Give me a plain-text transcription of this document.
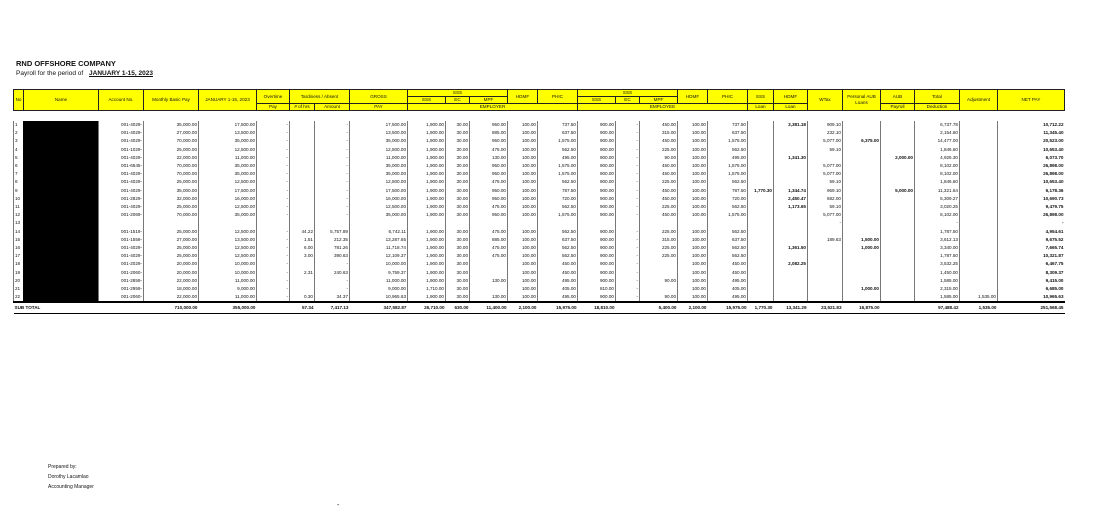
RND OFFSHORE COMPANY
Payroll for the period of JANUARY 1-15, 2023
No	Name	Account No.	Monthly Basic Pay	JANUARY 1-15, 2023	Overtime	Tardiness / Absent		GROSS	SSS			HDMF	PHIC	SSS			HDMF	PHIC	SSS	HDMF	WTax	Personal AUB Loans	AUB	Total	Adjustment	NET PAY
									SSS	EC	MPF			SSS	EC	MPF										
					Pay	# of hrs	Amount	PAY	EMPLOYER					EMPLOYEE					Loan	Loan			Payroll	Deduction		

1		001-4029-	35,000.00	17,500.00	-		-	17,500.00	1,900.00	30.00	950.00	100.00	737.50	900.00	-	450.00	100.00	737.50		3,381.18	909.10			6,737.78		10,712.22
2		001-4029-	27,000.00	13,500.00	-		-	13,500.00	1,900.00	30.00	885.00	100.00	637.50	900.00	-	315.00	100.00	637.50			232.10			2,154.60		11,345.40
3		001-4029-	70,000.00	35,000.00	-		-	35,000.00	1,900.00	30.00	950.00	100.00	1,575.00	900.00	-	450.00	100.00	1,575.00			5,077.00	6,375.00		14,477.00		20,523.00
4		001-1029-	25,000.00	12,500.00	-		-	12,500.00	1,900.00	30.00	475.00	100.00	562.50	900.00	-	225.00	100.00	562.50			59.10			1,846.60		10,653.40
5		001-4029-	22,000.00	11,000.00	-		-	11,000.00	1,900.00	30.00	130.00	100.00	495.00	900.00	-	90.00	100.00	495.00		1,341.30			2,000.00	4,926.30		6,073.70
6		001-6545-	70,000.00	35,000.00	-		-	35,000.00	1,900.00	30.00	950.00	100.00	1,575.00	900.00	-	450.00	100.00	1,575.00			5,077.00			8,102.00		26,898.00
7		001-4029-	70,000.00	35,000.00	-		-	35,000.00	1,900.00	30.00	950.00	100.00	1,575.00	900.00	-	450.00	100.00	1,575.00			5,077.00			8,102.00		26,898.00
8		001-4029-	25,000.00	12,500.00	-		-	12,500.00	1,900.00	30.00	475.00	100.00	562.50	900.00	-	225.00	100.00	562.50			59.10			1,846.60		10,653.40
9		001-4029-	35,000.00	17,500.00	-		-	17,500.00	1,900.00	30.00	950.00	100.00	787.50	900.00	-	450.00	100.00	787.50	1,770.30	1,344.74	969.10		5,000.00	11,321.64		6,178.36
10		001-2829-	32,000.00	16,000.00	-		-	16,000.00	1,900.00	30.00	950.00	100.00	720.00	900.00	-	450.00	100.00	720.00		2,450.47	682.00			5,309.27		10,690.73
11		001-4029-	25,000.00	12,500.00	-		-	12,500.00	1,900.00	30.00	475.00	100.00	562.50	900.00	-	225.00	100.00	562.50		1,173.65	59.10			3,020.25		9,479.75
12		001-2069-	70,000.00	35,000.00	-		-	35,000.00	1,900.00	30.00	950.00	100.00	1,575.00	900.00	-	450.00	100.00	1,575.00			5,077.00			8,102.00		26,898.00
13																					-			-		-
14		001-1519-	25,000.00	12,500.00	-	44.22	5,757.89	6,742.11	1,900.00	30.00	475.00	100.00	562.50	900.00	-	225.00	100.00	562.50						1,787.50		4,954.61
15		001-1559-	27,000.00	13,500.00	-	1.51	212.35	13,287.65	1,900.00	30.00	885.00	100.00	637.50	900.00	-	315.00	100.00	637.50			189.63	1,500.00		3,612.13		9,675.52
16		001-4029-	25,000.00	12,500.00	-	6.00	781.26	11,718.74	1,900.00	30.00	475.00	100.00	562.50	900.00	-	225.00	100.00	562.50		1,361.50		1,000.00		3,340.00		7,665.74
17		001-4029-	25,000.00	12,500.00	-	3.00	390.63	12,109.37	1,900.00	30.00	475.00	100.00	562.50	900.00	-	225.00	100.00	562.50						1,787.50		10,321.87
18		001-2029-	20,000.00	10,000.00	-		-	10,000.00	1,900.00	30.00		100.00	450.00	900.00	-		100.00	450.00		2,082.25				3,532.25		6,467.75
19		001-2060-	20,000.00	10,000.00	-	2.31	240.63	9,759.37	1,900.00	30.00		100.00	450.00	900.00	-		100.00	450.00						1,450.00		8,309.37
20		001-2859-	22,000.00	11,000.00	-		-	11,000.00	1,900.00	30.00	130.00	100.00	495.00	900.00	-	90.00	100.00	495.00						1,585.00		9,415.00
21		001-2959-	18,000.00	9,000.00	-		-	9,000.00	1,710.00	30.00		100.00	405.00	810.00	-		100.00	405.00				1,000.00		2,315.00		6,685.00
22		001-2060-	22,000.00	11,000.00	-	0.30	34.37	10,965.63	1,900.00	30.00	130.00	100.00	495.00	900.00	-	90.00	100.00	495.00						1,585.00	1,535.00	10,965.63
SUB TOTAL			710,000.00	355,000.00		57.34	7,417.13	347,582.87	26,710.00	630.00	11,400.00	2,100.00	15,975.00	18,810.00		5,400.00	2,100.00	15,975.00	1,770.30	13,341.29	23,521.83	16,875.00		97,488.42	1,535.00	251,568.45
Prepared by:
Dorothy Lacamlao
Accounting Manager
-
